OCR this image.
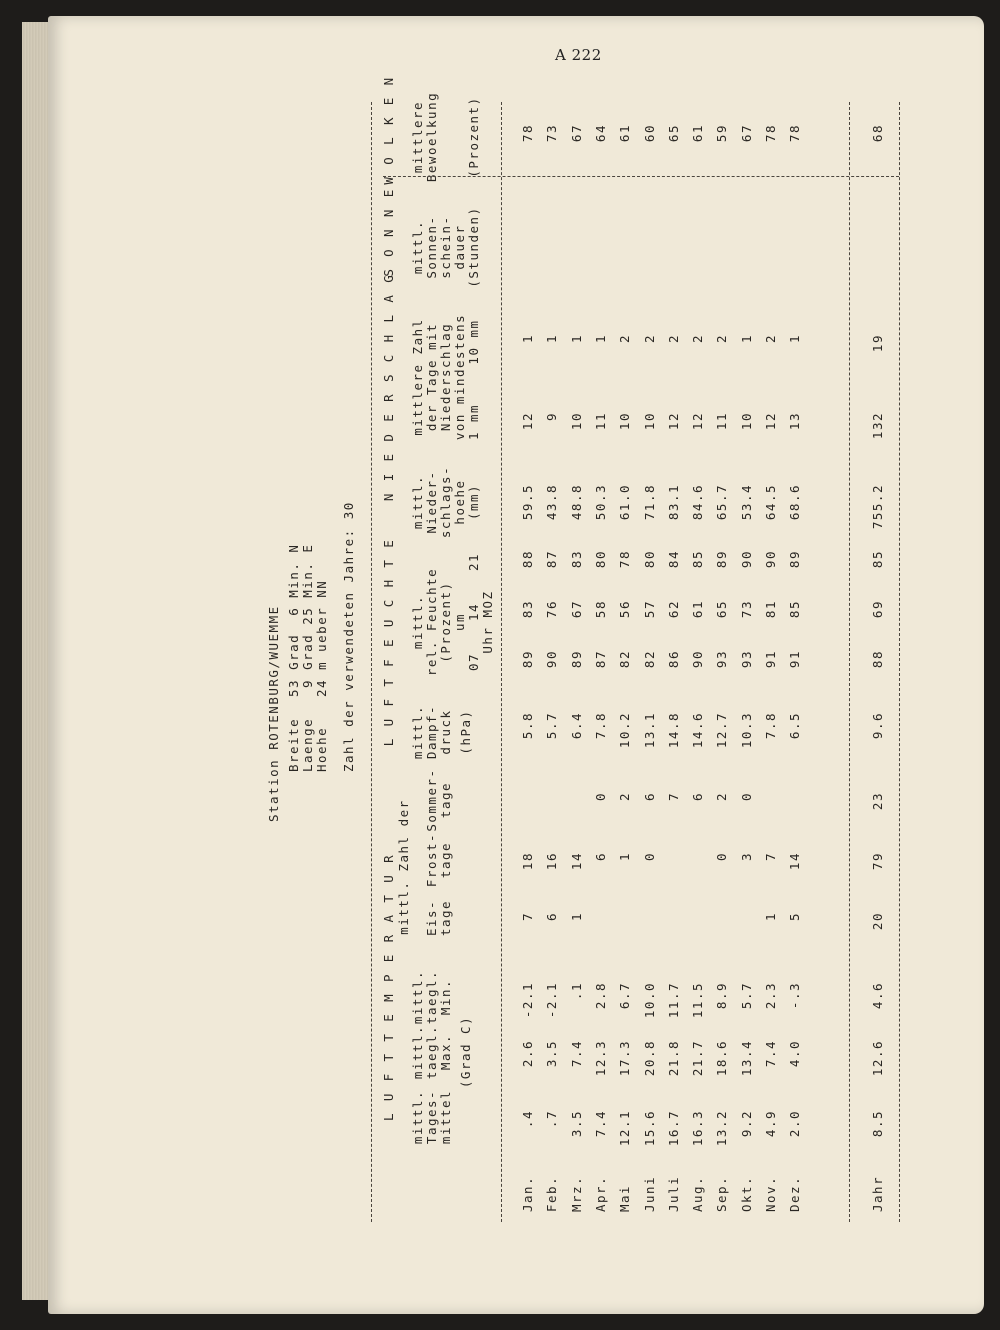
A 222
Station ROTENBURG/WUEMME Breite
53 Grad  6 Min. N
Laenge
9 Grad 25 Min. E
Hoehe
24 m ueber NN Zahl der verwendeten Jahre: 30
L U F T T E M P E R A T U R
L U F T F E U C H T E
N I E D E R S C H L A G
S O N N E
W O L K E N
mittl.
Tages-
mittel
(Grad C)
mittl.
taegl.
Max.
mittl.
taegl.
Min.
mittl. Zahl der Eis-
tage
Frost-
tage
Sommer-
tage
mittl.
Dampf-
druck (hPa)
mittl.
rel. Feuchte
(Prozent)
um
07
14
21
Uhr MOZ
mittl.
Nieder-
schlags-
hoehe (mm)
mittlere Zahl
der Tage mit
Niederschlag
von mindestens
1 mm
10 mm
mittl.
Sonnen-
schein-
dauer (Stunden)
mittlere
Bewoelkung (Prozent)
Jan.
.4
2.6
-2.1
7
18
5.8
89
83
88
59.5
12
1
78
Feb.
.7
3.5
-2.1
6
16
5.7
90
76
87
43.8
9
1
73
Mrz.
3.5
7.4
.1
1
14
6.4
89
67
83
48.8
10
1
67
Apr.
7.4
12.3
2.8
6
0
7.8
87
58
80
50.3
11
1
64
Mai
12.1
17.3
6.7
1
2
10.2
82
56
78
61.0
10
2
61
Juni
15.6
20.8
10.0
0
6
13.1
82
57
80
71.8
10
2
60
Juli
16.7
21.8
11.7
7
14.8
86
62
84
83.1
12
2
65
Aug.
16.3
21.7
11.5
6
14.6
90
61
85
84.6
12
2
61
Sep.
13.2
18.6
8.9
0
2
12.7
93
65
89
65.7
11
2
59
Okt.
9.2
13.4
5.7
3
0
10.3
93
73
90
53.4
10
1
67
Nov.
4.9
7.4
2.3
1
7
7.8
91
81
90
64.5
12
2
78
Dez.
2.0
4.0
-.3
5
14
6.5
91
85
89
68.6
13
1
78
Jahr
8.5
12.6
4.6
20
79
23
9.6
88
69
85
755.2
132
19
68
